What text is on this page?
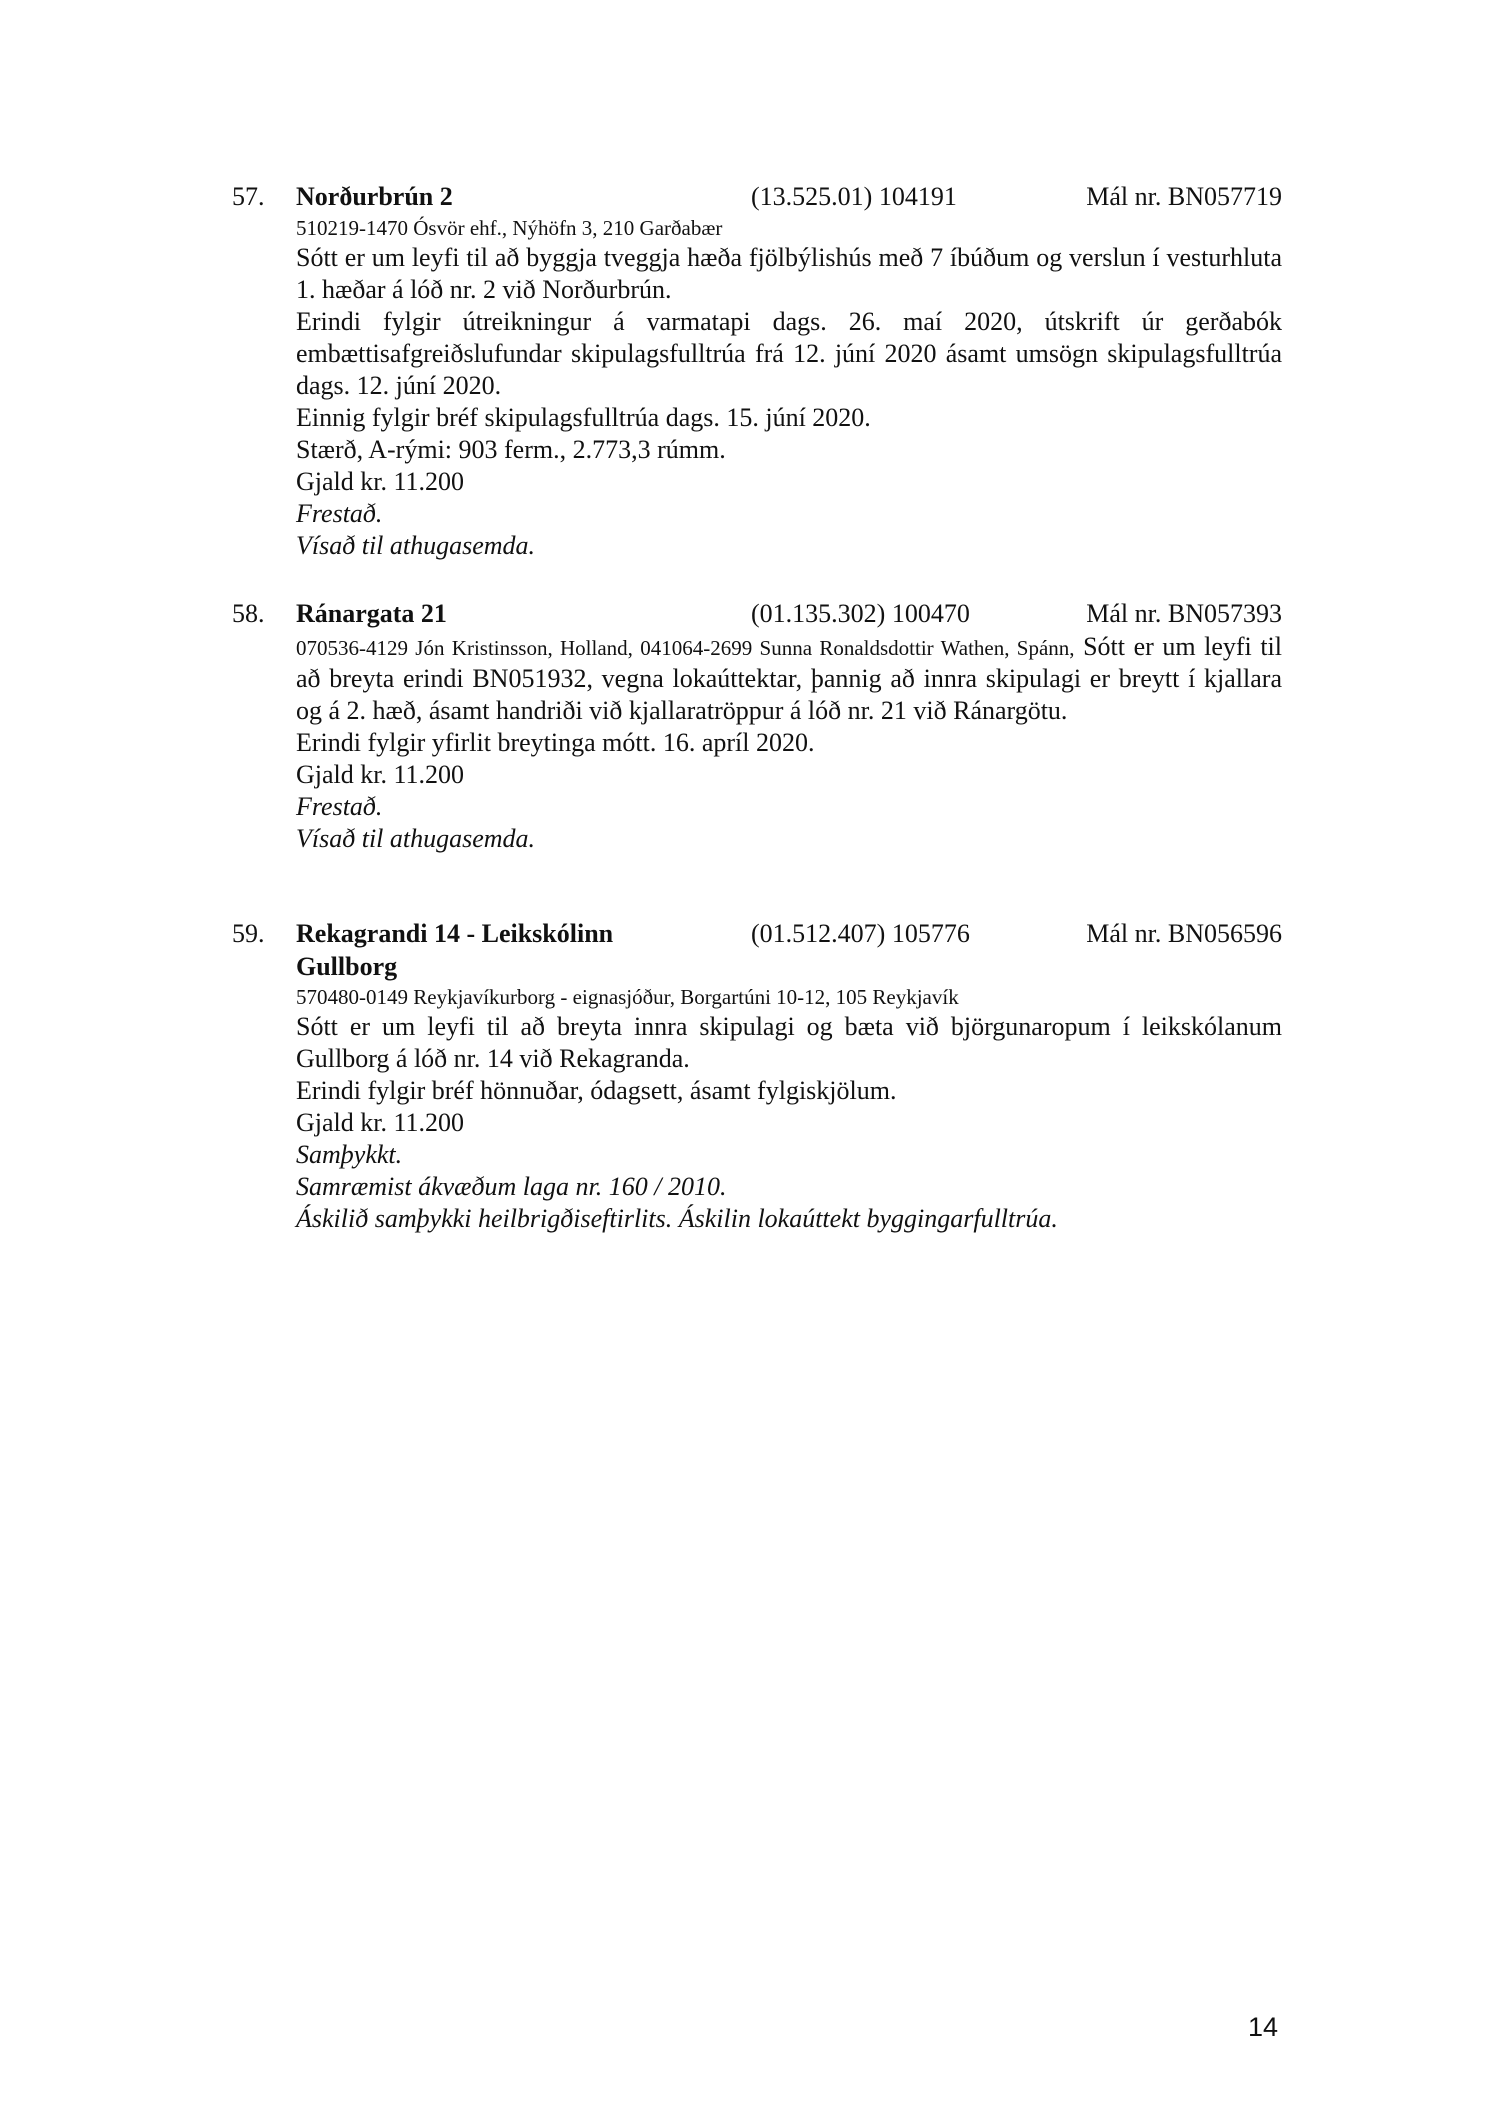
57. Norðurbrún 2	(13.525.01) 104191	Mál nr. BN057719
510219-1470 Ósvör ehf., Nýhöfn 3, 210 Garðabær
Sótt er um leyfi til að byggja tveggja hæða fjölbýlishús með 7 íbúðum og verslun í vesturhluta 1. hæðar á lóð nr. 2 við Norðurbrún.
Erindi fylgir útreikningur á varmatapi dags. 26. maí 2020, útskrift úr gerðabók embættisafgreiðslufundar skipulagsfulltrúa frá 12. júní 2020 ásamt umsögn skipulagsfulltrúa dags. 12. júní 2020.
Einnig fylgir bréf skipulagsfulltrúa dags. 15. júní 2020.
Stærð, A-rými: 903 ferm., 2.773,3 rúmm.
Gjald kr. 11.200
Frestað.
Vísað til athugasemda.
58. Ránargata 21	(01.135.302) 100470	Mál nr. BN057393
070536-4129 Jón Kristinsson, Holland, 041064-2699 Sunna Ronaldsdottir Wathen, Spánn, Sótt er um leyfi til að breyta erindi BN051932, vegna lokaúttektar, þannig að innra skipulagi er breytt í kjallara og á 2. hæð, ásamt handriði við kjallaratröppur á lóð nr. 21 við Ránargötu.
Erindi fylgir yfirlit breytinga mótt. 16. apríl 2020.
Gjald kr. 11.200
Frestað.
Vísað til athugasemda.
59. Rekagrandi 14 - Leikskólinn	(01.512.407) 105776	Mál nr. BN056596
Gullborg
570480-0149 Reykjavíkurborg - eignasjóður, Borgartúni 10-12, 105 Reykjavík
Sótt er um leyfi til að breyta innra skipulagi og bæta við björgunaropum í leikskólanum Gullborg á lóð nr. 14 við Rekagranda.
Erindi fylgir bréf hönnuðar, ódagsett, ásamt fylgiskjölum.
Gjald kr. 11.200
Samþykkt.
Samræmist ákvæðum laga nr. 160 / 2010.
Áskilið samþykki heilbrigðiseftirlits. Áskilin lokaúttekt byggingarfulltrúa.
14
